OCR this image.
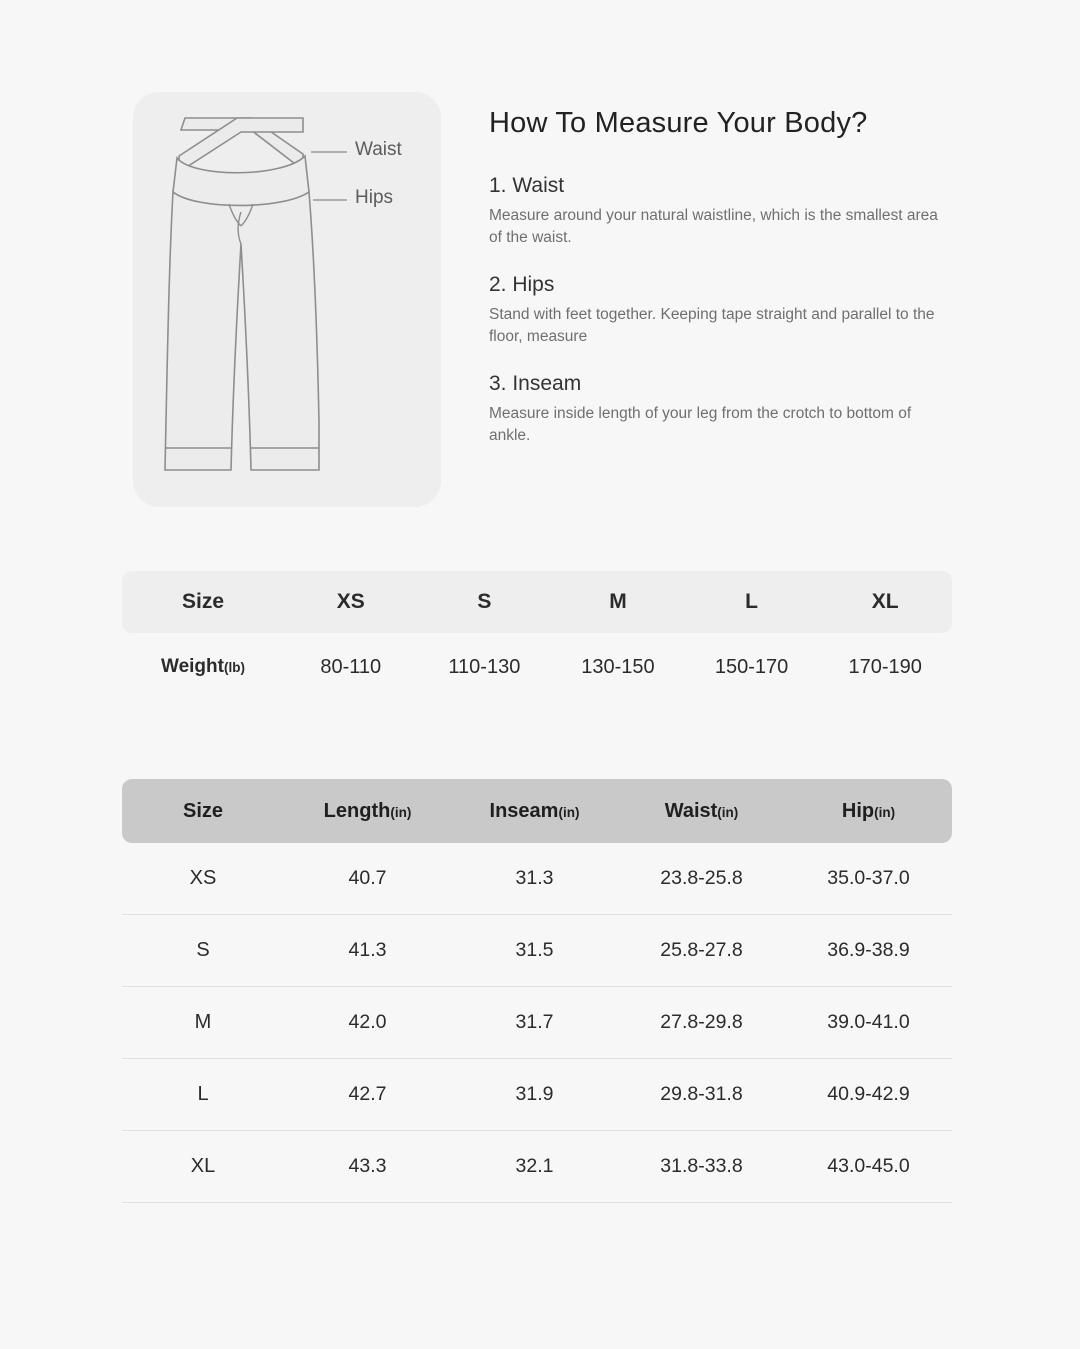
Waist
Hips
How To Measure Your Body?
1. Waist
Measure around your natural waistline, which is the smallest area of the waist.
2. Hips
Stand with feet together. Keeping tape straight and parallel to the floor, measure
3. Inseam
Measure inside length of your leg from the crotch to bottom of ankle.
Size	XS	S	M	L	XL
Weight(lb)	80-110	110-130	130-150	150-170	170-190
Size	Length(in)	Inseam(in)	Waist(in)	Hip(in)
XS	40.7	31.3	23.8-25.8	35.0-37.0
S	41.3	31.5	25.8-27.8	36.9-38.9
M	42.0	31.7	27.8-29.8	39.0-41.0
L	42.7	31.9	29.8-31.8	40.9-42.9
XL	43.3	32.1	31.8-33.8	43.0-45.0
